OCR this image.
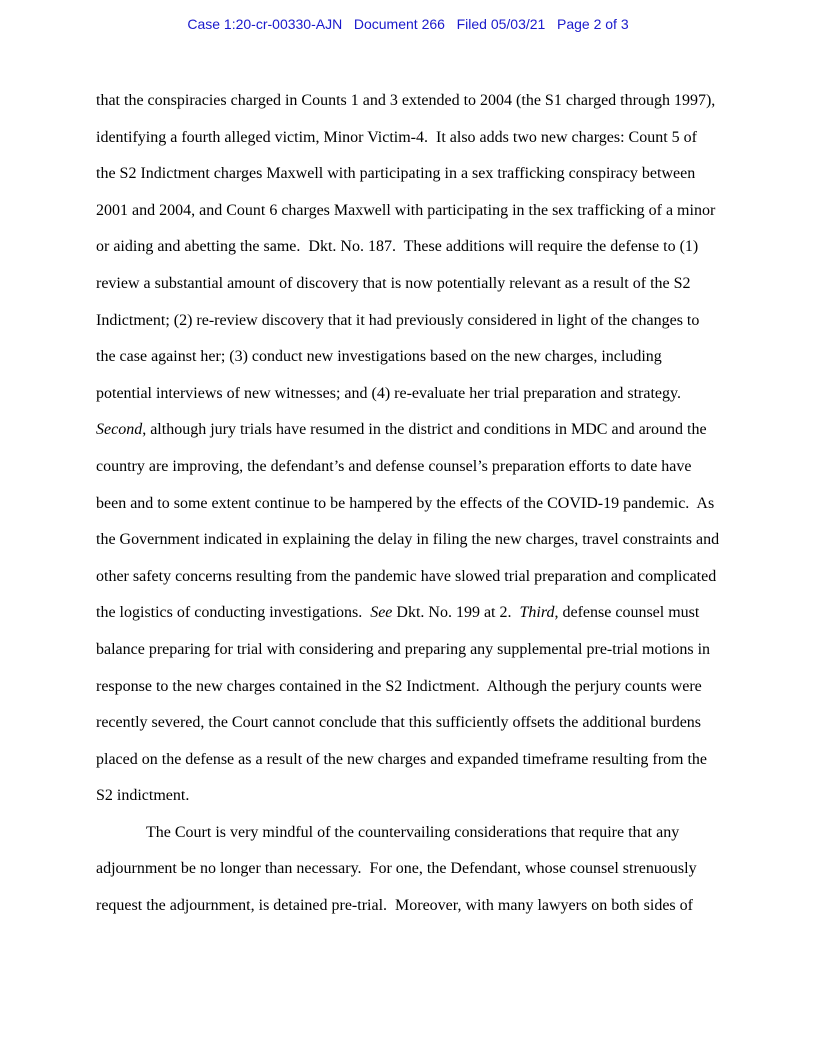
Case 1:20-cr-00330-AJN   Document 266   Filed 05/03/21   Page 2 of 3
that the conspiracies charged in Counts 1 and 3 extended to 2004 (the S1 charged through 1997),
identifying a fourth alleged victim, Minor Victim-4.  It also adds two new charges: Count 5 of
the S2 Indictment charges Maxwell with participating in a sex trafficking conspiracy between
2001 and 2004, and Count 6 charges Maxwell with participating in the sex trafficking of a minor
or aiding and abetting the same.  Dkt. No. 187.  These additions will require the defense to (1)
review a substantial amount of discovery that is now potentially relevant as a result of the S2
Indictment; (2) re-review discovery that it had previously considered in light of the changes to
the case against her; (3) conduct new investigations based on the new charges, including
potential interviews of new witnesses; and (4) re-evaluate her trial preparation and strategy.
Second, although jury trials have resumed in the district and conditions in MDC and around the
country are improving, the defendant’s and defense counsel’s preparation efforts to date have
been and to some extent continue to be hampered by the effects of the COVID-19 pandemic.  As
the Government indicated in explaining the delay in filing the new charges, travel constraints and
other safety concerns resulting from the pandemic have slowed trial preparation and complicated
the logistics of conducting investigations.  See Dkt. No. 199 at 2.  Third, defense counsel must
balance preparing for trial with considering and preparing any supplemental pre-trial motions in
response to the new charges contained in the S2 Indictment.  Although the perjury counts were
recently severed, the Court cannot conclude that this sufficiently offsets the additional burdens
placed on the defense as a result of the new charges and expanded timeframe resulting from the
S2 indictment.
The Court is very mindful of the countervailing considerations that require that any
adjournment be no longer than necessary.  For one, the Defendant, whose counsel strenuously
request the adjournment, is detained pre-trial.  Moreover, with many lawyers on both sides of
